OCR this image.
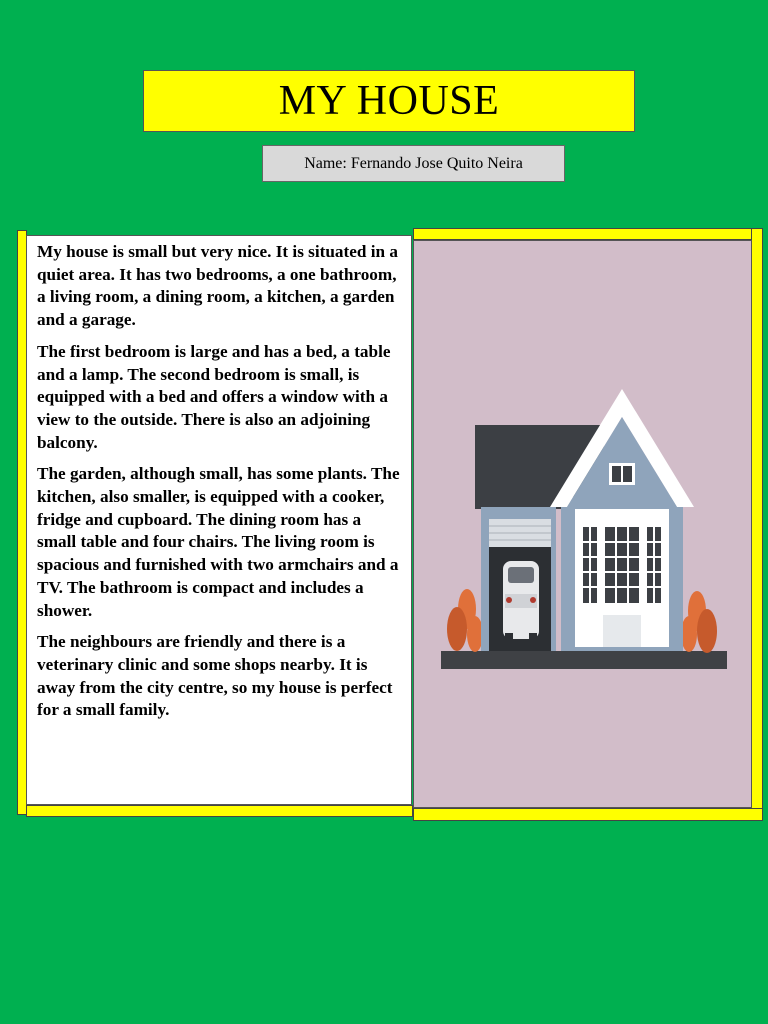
MY HOUSE
Name: Fernando Jose Quito Neira

My house is small but very nice. It is situated in a quiet area. It has two bedrooms, a one bathroom, a living room, a dining room, a kitchen, a garden and a garage.

The first bedroom is large and has a bed, a table and a lamp. The second bedroom is small, is equipped with a bed and offers a window with a view to the outside. There is also an adjoining balcony.

The garden, although small, has some plants. The kitchen, also smaller, is equipped with a cooker, fridge and cupboard. The dining room has a small table and four chairs. The living room is spacious and furnished with two armchairs and a TV. The bathroom is compact and includes a shower.

The neighbours are friendly and there is a veterinary clinic and some shops nearby. It is away from the city centre, so my house is perfect for a small family.
